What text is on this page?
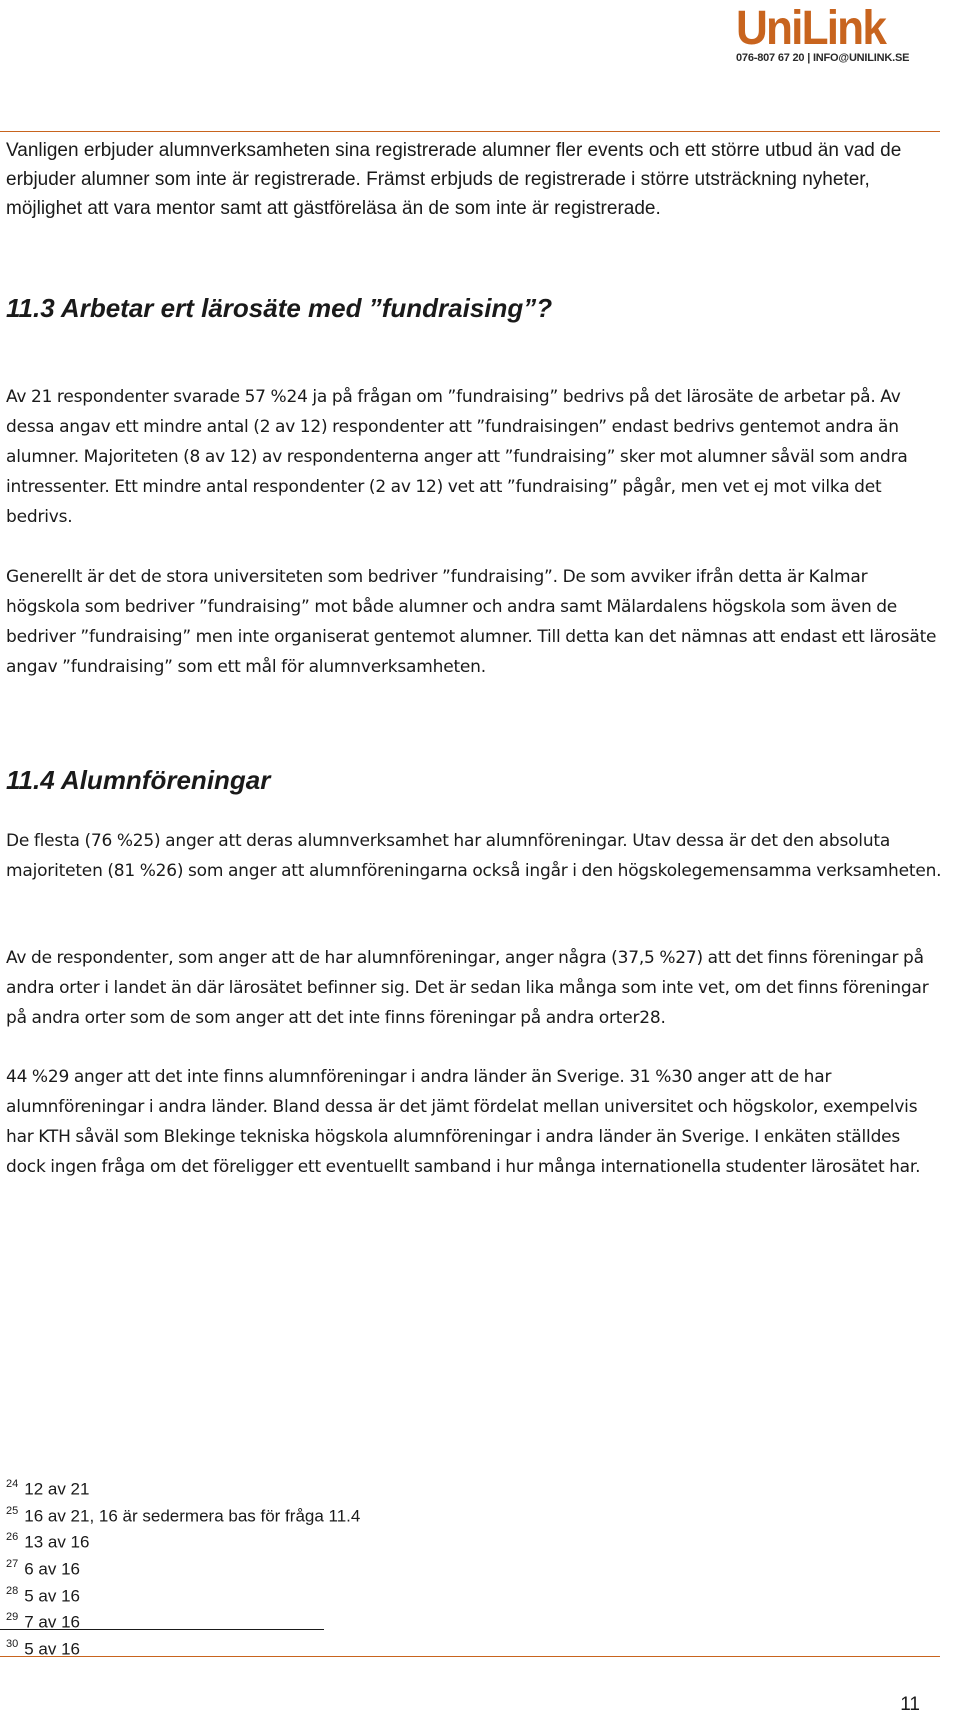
UniLink
076-807 67 20 | INFO@UNILINK.SE

Vanligen erbjuder alumnverksamheten sina registrerade alumner fler events och ett större utbud än vad de erbjuder alumner som inte är registrerade. Främst erbjuds de registrerade i större utsträckning nyheter, möjlighet att vara mentor samt att gästföreläsa än de som inte är registrerade.

11.3 Arbetar ert lärosäte med ”fundraising”?

Av 21 respondenter svarade 57 %24 ja på frågan om ”fundraising” bedrivs på det lärosäte de arbetar på. Av dessa angav ett mindre antal (2 av 12) respondenter att ”fundraisingen” endast bedrivs gentemot andra än alumner. Majoriteten (8 av 12) av respondenterna anger att ”fundraising” sker mot alumner såväl som andra intressenter. Ett mindre antal respondenter (2 av 12) vet att ”fundraising” pågår, men vet ej mot vilka det bedrivs.

Generellt är det de stora universiteten som bedriver ”fundraising”. De som avviker ifrån detta är Kalmar högskola som bedriver ”fundraising” mot både alumner och andra samt Mälardalens högskola som även de bedriver ”fundraising” men inte organiserat gentemot alumner. Till detta kan det nämnas att endast ett lärosäte angav ”fundraising” som ett mål för alumnverksamheten.

11.4 Alumnföreningar

De flesta (76 %25) anger att deras alumnverksamhet har alumnföreningar. Utav dessa är det den absoluta majoriteten (81 %26) som anger att alumnföreningarna också ingår i den högskolegemensamma verksamheten.

Av de respondenter, som anger att de har alumnföreningar, anger några (37,5 %27) att det finns föreningar på andra orter i landet än där lärosätet befinner sig. Det är sedan lika många som inte vet, om det finns föreningar på andra orter som de som anger att det inte finns föreningar på andra orter28.

44 %29 anger att det inte finns alumnföreningar i andra länder än Sverige. 31 %30 anger att de har alumnföreningar i andra länder. Bland dessa är det jämt fördelat mellan universitet och högskolor, exempelvis har KTH såväl som Blekinge tekniska högskola alumnföreningar i andra länder än Sverige. I enkäten ställdes dock ingen fråga om det föreligger ett eventuellt samband i hur många internationella studenter lärosätet har.

$^{24}$ 12 av 21
$^{25}$ 16 av 21, 16 är sedermera bas för fråga 11.4
$^{26}$ 13 av 16
$^{27}$ 6 av 16
$^{28}$ 5 av 16
$^{29}$ 7 av 16
$^{30}$ 5 av 16
11
